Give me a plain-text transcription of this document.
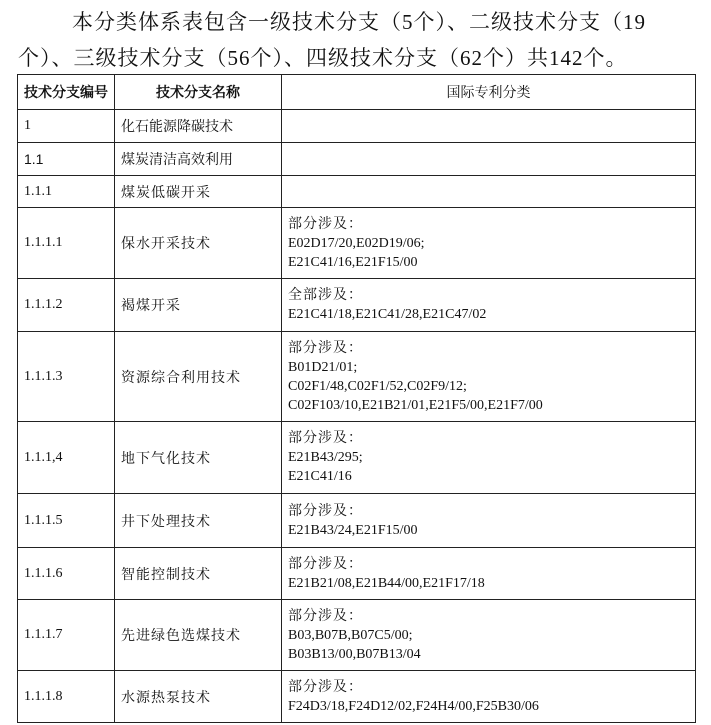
本分类体系表包含一级技术分支（5个）、二级技术分支（19
个）、三级技术分支（56个）、四级技术分支（62个）共142个。
技术分支编号	技术分支名称	国际专利分类
1	化石能源降碳技术	
1.1	煤炭清洁高效利用	
1.1.1	煤炭低碳开采	
1.1.1.1	保水开采技术	部分涉及：
E02D17/20,E02D19/06;
E21C41/16,E21F15/00

1.1.1.2	褐煤开采	全部涉及：
E21C41/18,E21C41/28,E21C47/02

1.1.1.3	资源综合利用技术	部分涉及：
B01D21/01;
C02F1/48,C02F1/52,C02F9/12;
C02F103/10,E21B21/01,E21F5/00,E21F7/00

1.1.1,4	地下气化技术	部分涉及：
E21B43/295;
E21C41/16

1.1.1.5	井下处理技术	部分涉及：
E21B43/24,E21F15/00

1.1.1.6	智能控制技术	部分涉及：
E21B21/08,E21B44/00,E21F17/18

1.1.1.7	先进绿色选煤技术	部分涉及：
B03,B07B,B07C5/00;
B03B13/00,B07B13/04

1.1.1.8	水源热泵技术	部分涉及：
F24D3/18,F24D12/02,F24H4/00,F25B30/06
